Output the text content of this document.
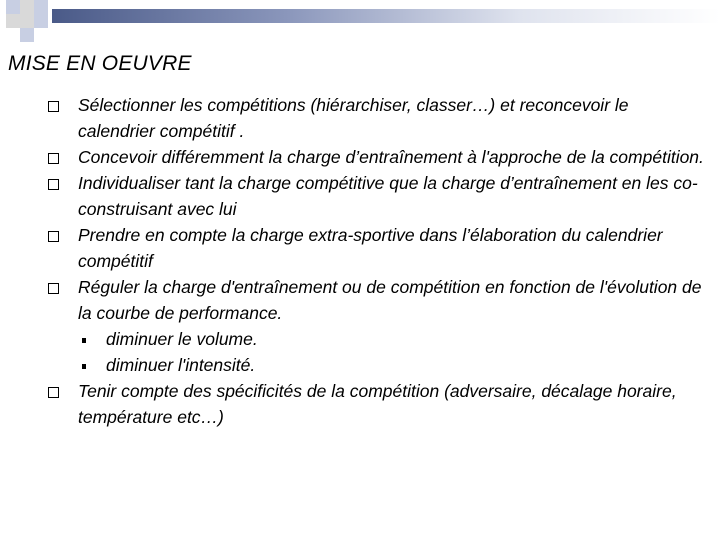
MISE EN OEUVRE

Sélectionner les compétitions (hiérarchiser, classer…) et reconcevoir le calendrier compétitif .

Concevoir différemment la charge d’entraînement à l'approche de la compétition.

Individualiser tant la charge compétitive que la charge d’entraînement en les co-construisant avec lui

Prendre en compte la charge extra-sportive dans l’élaboration du calendrier compétitif

Réguler la charge d'entraînement ou de compétition en fonction de l'évolution de la courbe de performance.

diminuer le volume.

diminuer l'intensité.

Tenir compte des spécificités de la compétition (adversaire, décalage horaire, température etc…)
